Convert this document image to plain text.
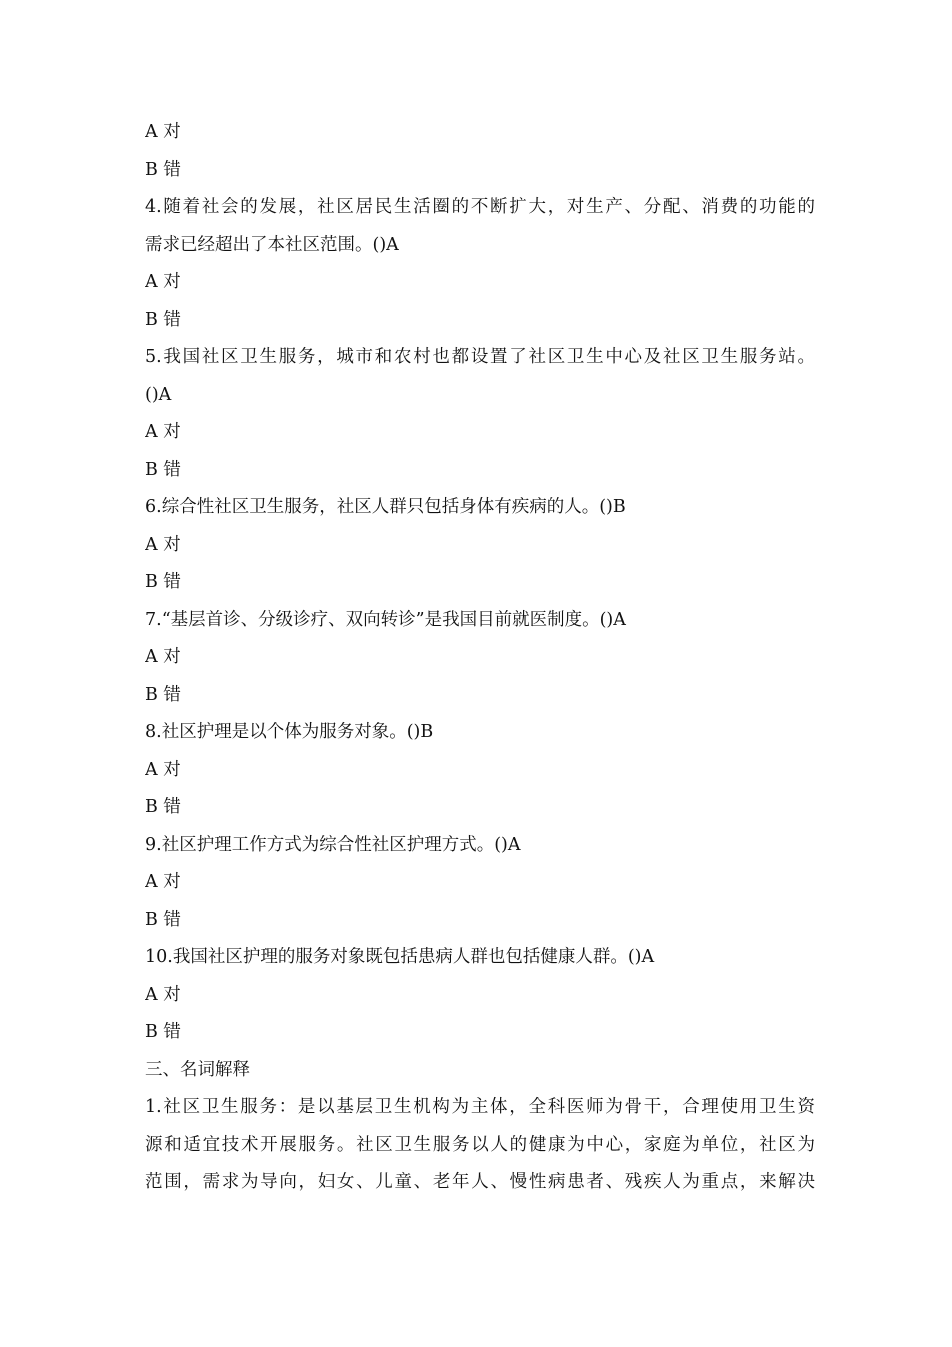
A 对
B 错
4.随着社会的发展，社区居民生活圈的不断扩大，对生产、分配、消费的功能的
需求已经超出了本社区范围。()A
A 对
B 错
5.我国社区卫生服务，城市和农村也都设置了社区卫生中心及社区卫生服务站。
()A
A 对
B 错
6.综合性社区卫生服务，社区人群只包括身体有疾病的人。()B
A 对
B 错
7.“基层首诊、分级诊疗、双向转诊”是我国目前就医制度。()A
A 对
B 错
8.社区护理是以个体为服务对象。()B
A 对
B 错
9.社区护理工作方式为综合性社区护理方式。()A
A 对
B 错
10.我国社区护理的服务对象既包括患病人群也包括健康人群。()A
A 对
B 错
三、名词解释
1.社区卫生服务：是以基层卫生机构为主体，全科医师为骨干，合理使用卫生资
源和适宜技术开展服务。社区卫生服务以人的健康为中心，家庭为单位，社区为
范围，需求为导向，妇女、儿童、老年人、慢性病患者、残疾人为重点，来解决
